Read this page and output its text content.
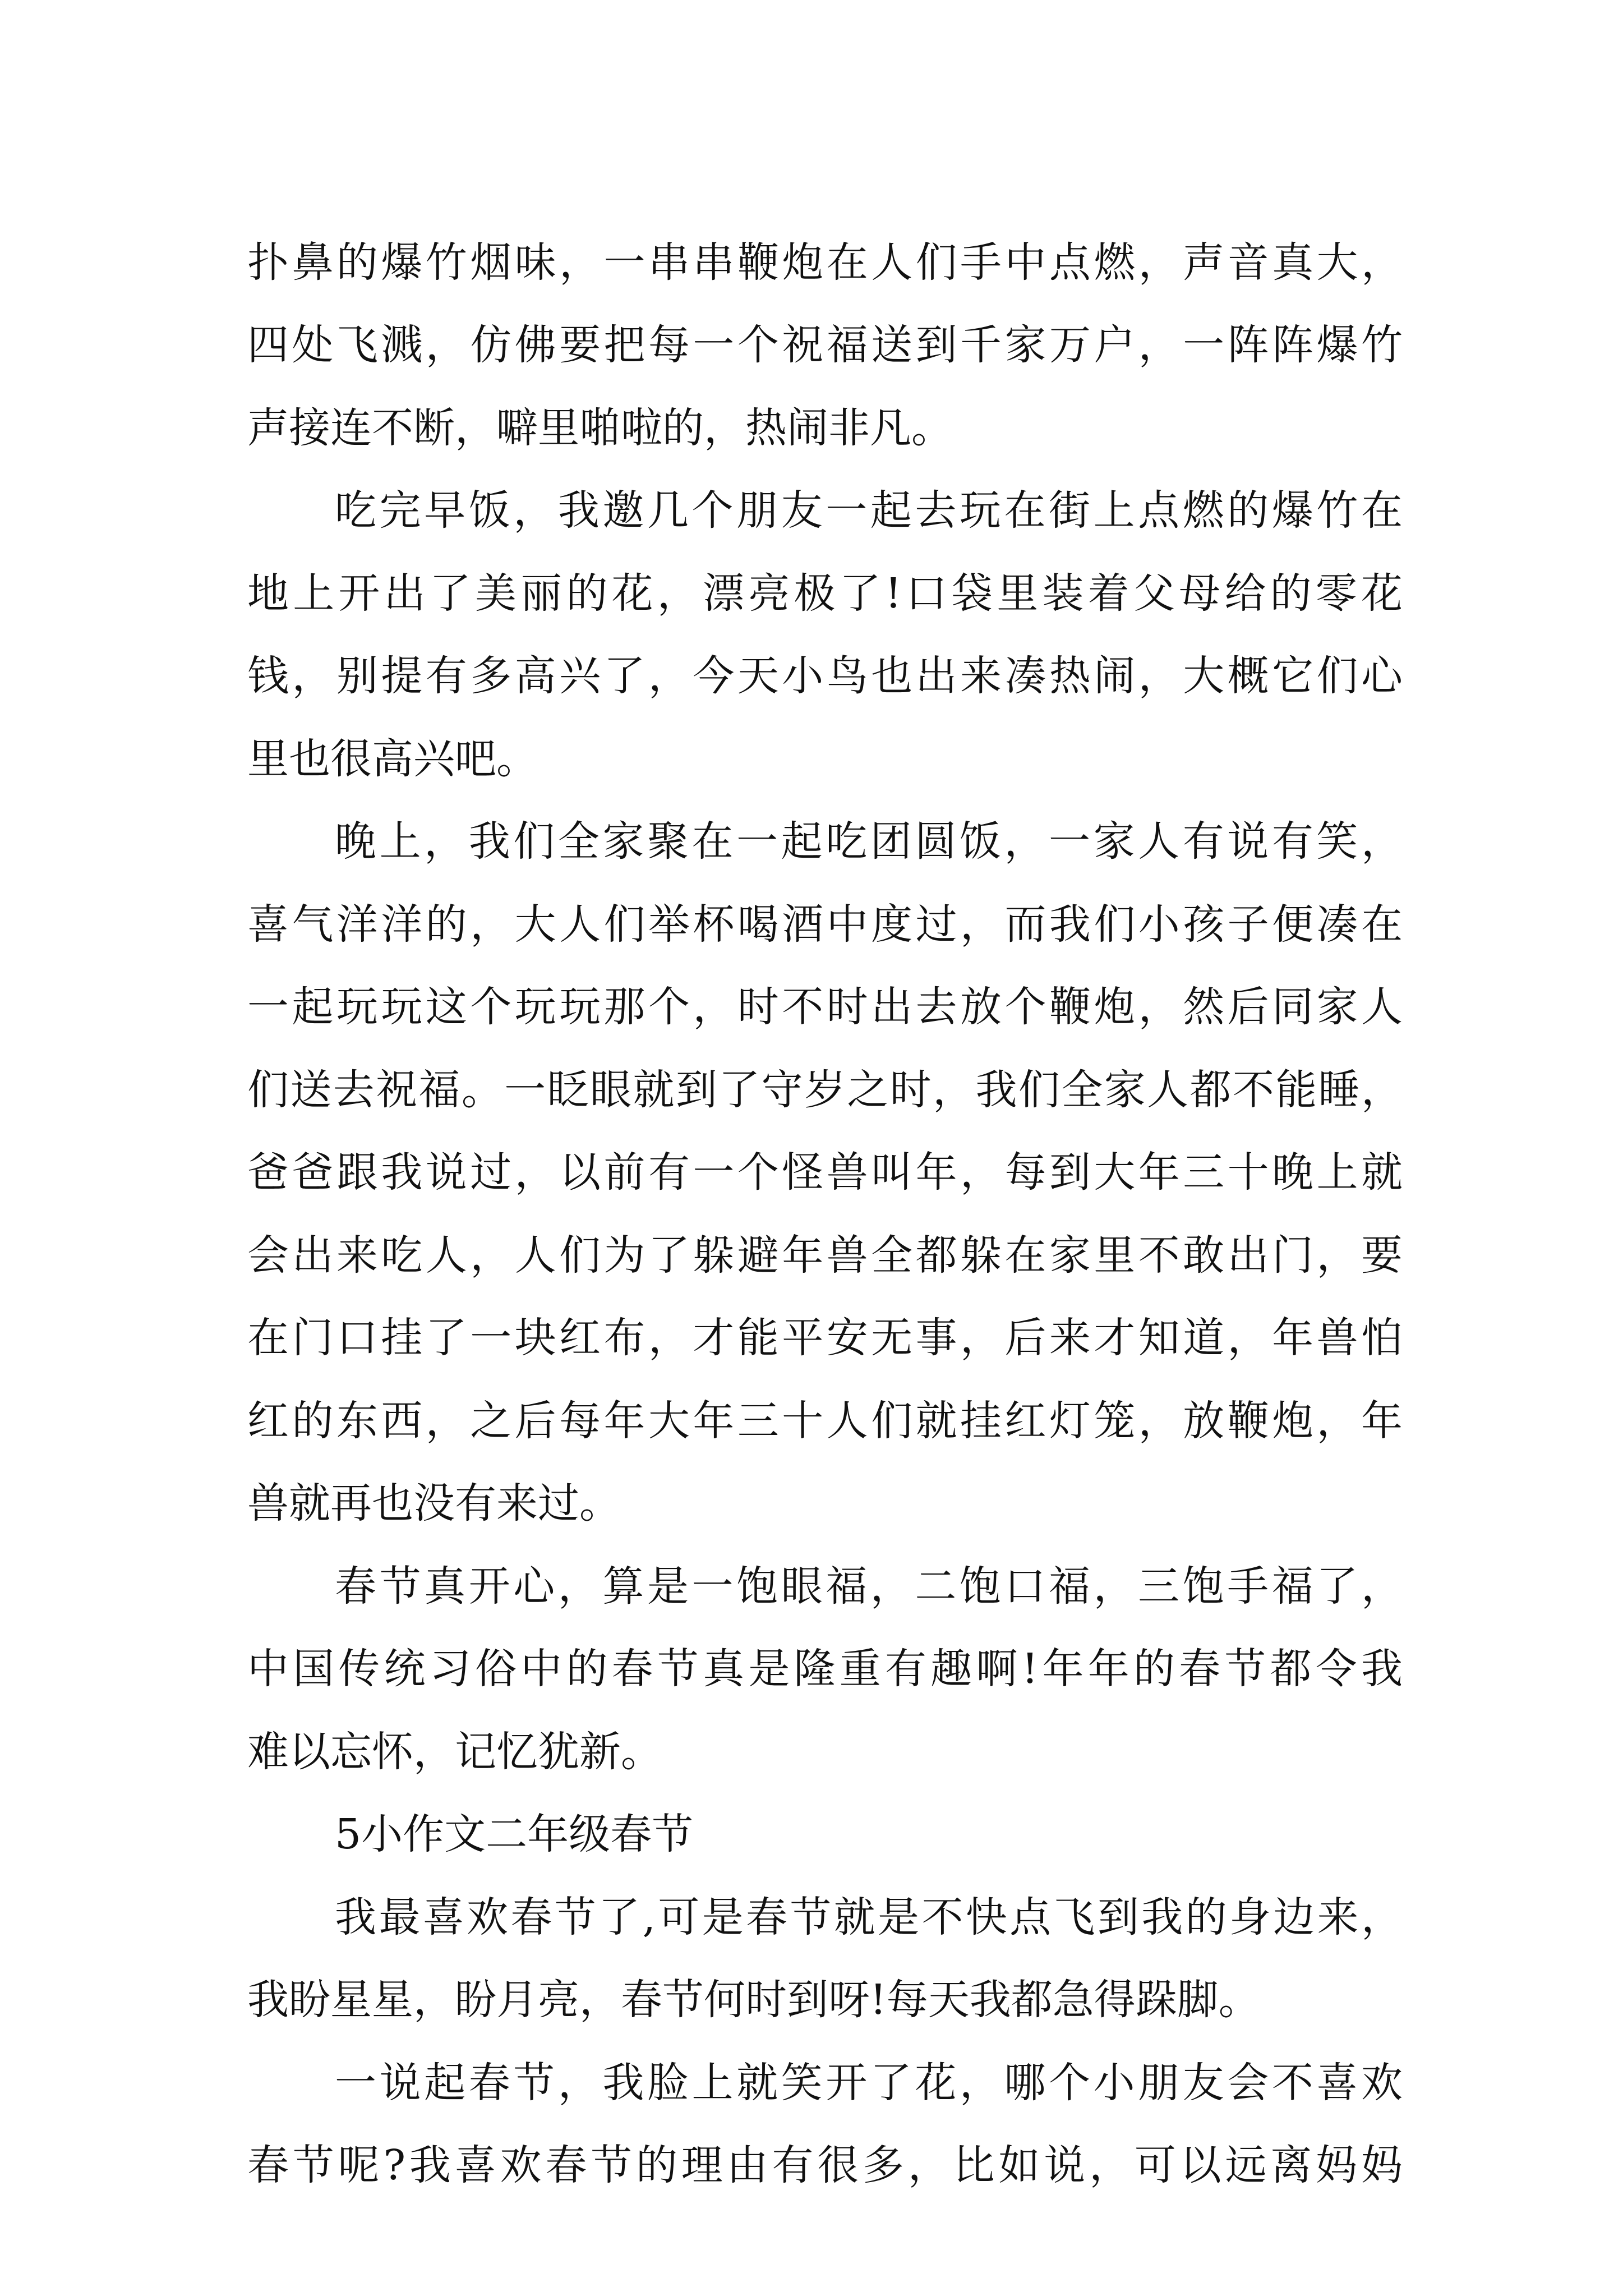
扑鼻的爆竹烟味，一串串鞭炮在人们手中点燃，声音真大，
四处飞溅，仿佛要把每一个祝福送到千家万户，一阵阵爆竹
声接连不断，噼里啪啦的，热闹非凡。
吃完早饭，我邀几个朋友一起去玩在街上点燃的爆竹在
地上开出了美丽的花，漂亮极了!口袋里装着父母给的零花
钱，别提有多高兴了，今天小鸟也出来凑热闹，大概它们心
里也很高兴吧。
晚上，我们全家聚在一起吃团圆饭，一家人有说有笑，
喜气洋洋的，大人们举杯喝酒中度过，而我们小孩子便凑在
一起玩玩这个玩玩那个，时不时出去放个鞭炮，然后同家人
们送去祝福。一眨眼就到了守岁之时，我们全家人都不能睡，
爸爸跟我说过，以前有一个怪兽叫年，每到大年三十晚上就
会出来吃人，人们为了躲避年兽全都躲在家里不敢出门，要
在门口挂了一块红布，才能平安无事，后来才知道，年兽怕
红的东西，之后每年大年三十人们就挂红灯笼，放鞭炮，年
兽就再也没有来过。
春节真开心，算是一饱眼福，二饱口福，三饱手福了，
中国传统习俗中的春节真是隆重有趣啊!年年的春节都令我
难以忘怀，记忆犹新。
5小作文二年级春节
我最喜欢春节了,可是春节就是不快点飞到我的身边来，
我盼星星，盼月亮，春节何时到呀!每天我都急得跺脚。
一说起春节，我脸上就笑开了花，哪个小朋友会不喜欢
春节呢?我喜欢春节的理由有很多，比如说，可以远离妈妈
